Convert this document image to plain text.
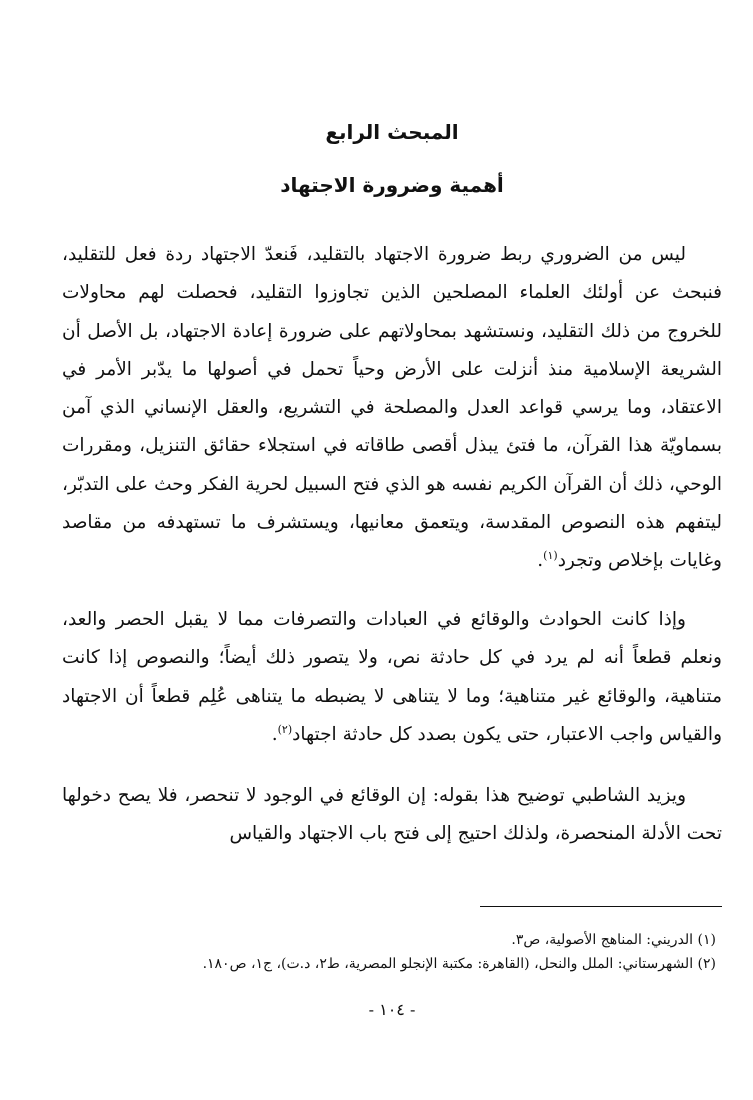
المبحث الرابع
أهمية وضرورة الاجتهاد

ليس من الضروري ربط ضرورة الاجتهاد بالتقليد، فَنعدّ الاجتهاد ردة فعل للتقليد، فنبحث عن أولئك العلماء المصلحين الذين تجاوزوا التقليد، فحصلت لهم محاولات للخروج من ذلك التقليد، ونستشهد بمحاولاتهم على ضرورة إعادة الاجتهاد، بل الأصل أن الشريعة الإسلامية منذ أنزلت على الأرض وحياً تحمل في أصولها ما يدّبر الأمر في الاعتقاد، وما يرسي قواعد العدل والمصلحة في التشريع، والعقل الإنساني الذي آمن بسماويّة هذا القرآن، ما فتئ يبذل أقصى طاقاته في استجلاء حقائق التنزيل، ومقررات الوحي، ذلك أن القرآن الكريم نفسه هو الذي فتح السبيل لحرية الفكر وحث على التدبّر، ليتفهم هذه النصوص المقدسة، ويتعمق معانيها، ويستشرف ما تستهدفه من مقاصد وغايات بإخلاص وتجرد$^{(١)}$.

وإذا كانت الحوادث والوقائع في العبادات والتصرفات مما لا يقبل الحصر والعد، ونعلم قطعاً أنه لم يرد في كل حادثة نص، ولا يتصور ذلك أيضاً؛ والنصوص إذا كانت متناهية، والوقائع غير متناهية؛ وما لا يتناهى لا يضبطه ما يتناهى عُلِم قطعاً أن الاجتهاد والقياس واجب الاعتبار، حتى يكون بصدد كل حادثة اجتهاد$^{(٢)}$.

ويزيد الشاطبي توضيح هذا بقوله: إن الوقائع في الوجود لا تنحصر، فلا يصح دخولها تحت الأدلة المنحصرة، ولذلك احتيج إلى فتح باب الاجتهاد والقياس

(١) الدريني: المناهج الأصولية، ص٣.

(٢) الشهرستاني: الملل والنحل، (القاهرة: مكتبة الإنجلو المصرية، ط٢، د.ت)، ج١، ص١٨٠.

- ١٠٤ -
